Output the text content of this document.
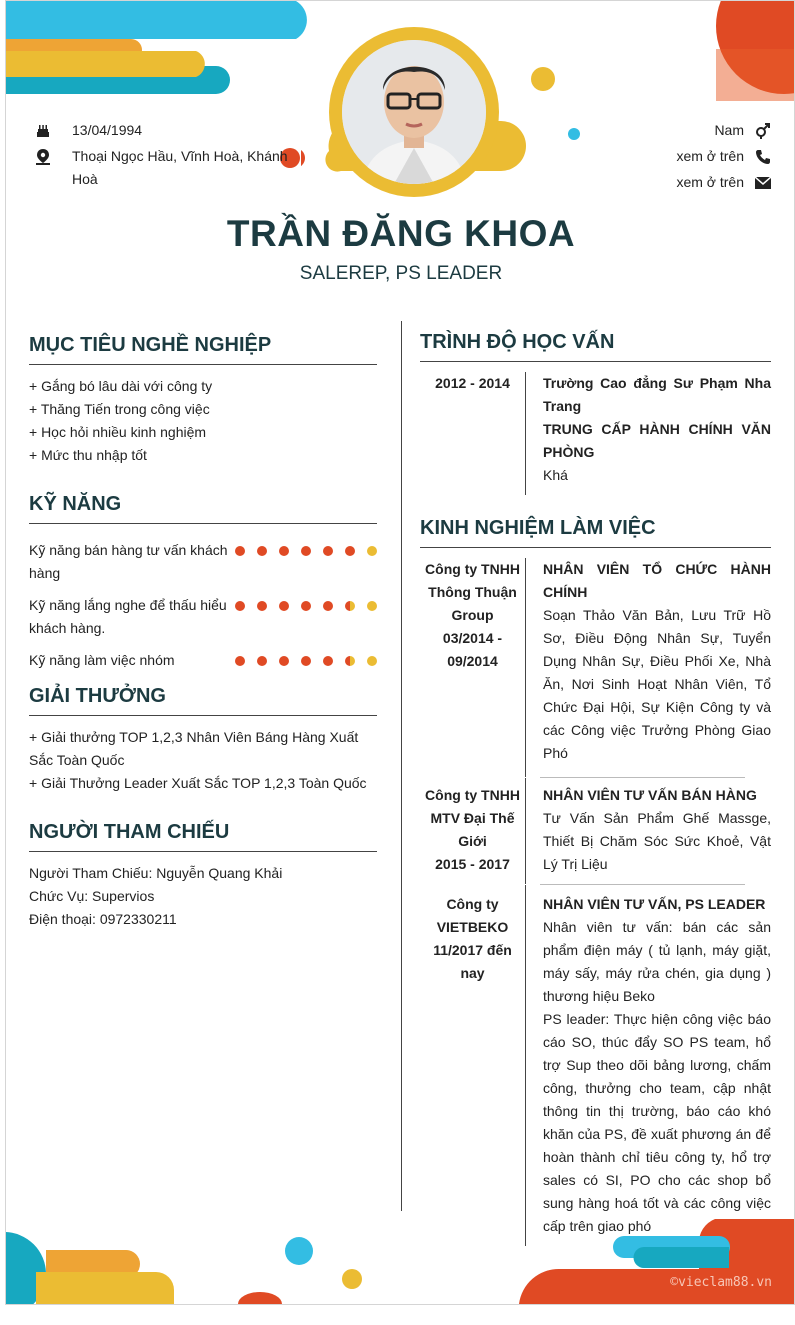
13/04/1994
Thoại Ngọc Hầu, Vĩnh Hoà, Khánh Hoà
Nam
xem ở trên
xem ở trên
TRẦN ĐĂNG KHOA
SALEREP, PS LEADER
MỤC TIÊU NGHỀ NGHIỆP
+ Gắng bó lâu dài với công ty
+ Thăng Tiến trong công việc
+ Học hỏi nhiều kinh nghiệm
+ Mức thu nhập tốt
KỸ NĂNG
Kỹ năng bán hàng tư vấn khách hàng
Kỹ năng lắng nghe để thấu hiểu khách hàng.
Kỹ năng làm việc nhóm
GIẢI THƯỞNG
+ Giải thưởng TOP 1,2,3 Nhân Viên Báng Hàng Xuất Sắc Toàn Quốc
+ Giải Thưởng Leader Xuất Sắc TOP 1,2,3 Toàn Quốc
NGƯỜI THAM CHIẾU
Người Tham Chiếu: Nguyễn Quang Khải
Chức Vụ: Supervios
Điện thoại: 0972330211
TRÌNH ĐỘ HỌC VẤN
2012 - 2014	Trường Cao đẳng Sư Phạm Nha Trang
TRUNG CẤP HÀNH CHÍNH VĂN PHÒNG
Khá
KINH NGHIỆM LÀM VIỆC
Công ty TNHH Thông Thuận Group
03/2014 - 09/2014
NHÂN VIÊN TỔ CHỨC HÀNH CHÍNH
Soạn Thảo Văn Bản, Lưu Trữ Hồ Sơ, Điều Động Nhân Sự, Tuyển Dụng Nhân Sự, Điều Phối Xe, Nhà Ăn, Nơi Sinh Hoạt Nhân Viên, Tổ Chức Đại Hội, Sự Kiện Công ty và các Công việc Trưởng Phòng Giao Phó
Công ty TNHH MTV Đại Thế Giới
2015 - 2017
NHÂN VIÊN TƯ VẤN BÁN HÀNG
Tư Vấn Sản Phẩm Ghế Massge, Thiết Bị Chăm Sóc Sức Khoẻ, Vật Lý Trị Liệu
Công ty VIETBEKO
11/2017 đến nay
NHÂN VIÊN TƯ VẤN, PS LEADER
Nhân viên tư vấn: bán các sản phẩm điện máy ( tủ lạnh, máy giặt, máy sấy, máy rửa chén, gia dụng ) thương hiệu Beko
PS leader: Thực hiện công việc báo cáo SO, thúc đẩy SO PS team, hổ trợ Sup theo dõi bảng lương, chấm công, thưởng cho team, cập nhật thông tin thị trường, báo cáo khó khăn của PS, đề xuất phương án để hoàn thành chỉ tiêu công ty, hổ trợ sales có SI, PO cho các shop bổ sung hàng hoá tốt và các công việc cấp trên giao phó
©vieclam88.vn
